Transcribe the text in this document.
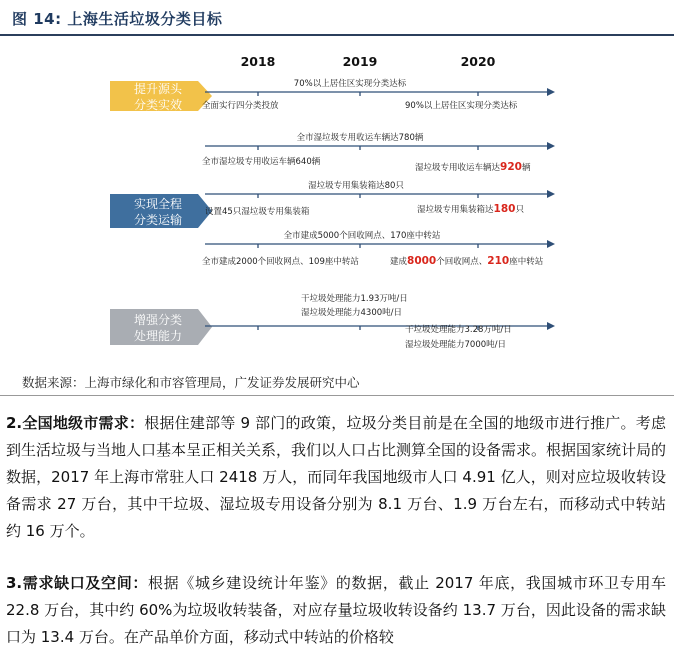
图 14: 上海生活垃圾分类目标
2018	2019	2020
提升源头
分类实效
70%以上居住区实现分类达标
全面实行四分类投放	90%以上居住区实现分类达标
实现全程
分类运输
全市湿垃圾专用收运车辆达780辆
全市湿垃圾专用收运车辆640辆
湿垃圾专用收运车辆达920辆
湿垃圾专用集装箱达80只
设置45只湿垃圾专用集装箱	湿垃圾专用集装箱达180只
全市建成5000个回收网点、170座中转站
全市建成2000个回收网点、109座中转站	建成8000个回收网点、210座中转站
增强分类
处理能力
干垃圾处理能力1.93万吨/日
湿垃圾处理能力4300吨/日
干垃圾处理能力3.28万吨/日
湿垃圾处理能力7000吨/日
数据来源：上海市绿化和市容管理局，广发证券发展研究中心
2.全国地级市需求：根据住建部等 9 部门的政策，垃圾分类目前是在全国的地级市进行推广。考虑到生活垃圾与当地人口基本呈正相关关系，我们以人口占比测算全国的设备需求。根据国家统计局的数据，2017 年上海市常驻人口 2418 万人，而同年我国地级市人口 4.91 亿人，则对应垃圾收转设备需求 27 万台，其中干垃圾、湿垃圾专用设备分别为 8.1 万台、1.9 万台左右，而移动式中转站约 16 万个。
3.需求缺口及空间：根据《城乡建设统计年鉴》的数据，截止 2017 年底，我国城市环卫专用车 22.8 万台，其中约 60%为垃圾收转装备，对应存量垃圾收转设备约 13.7 万台，因此设备的需求缺口为 13.4 万台。在产品单价方面，移动式中转站的价格较
